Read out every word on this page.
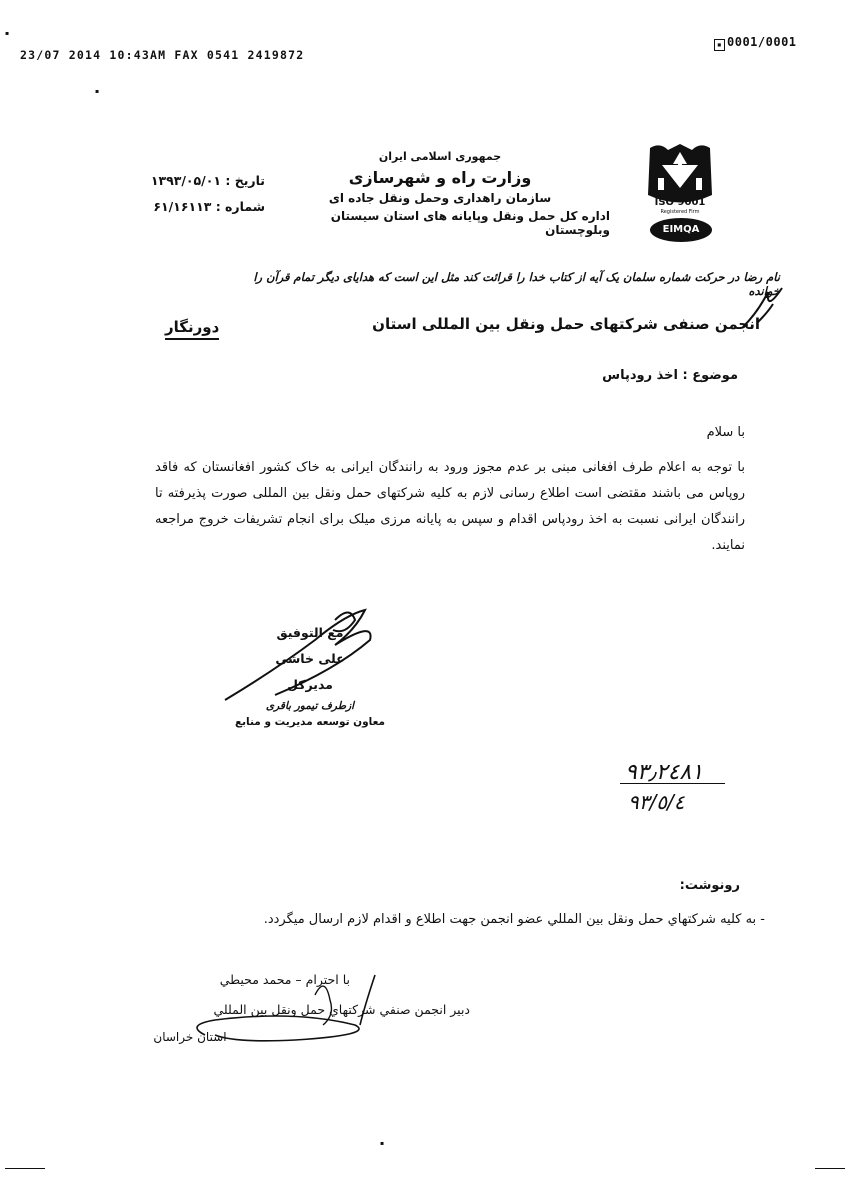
23/07 2014 10:43AM FAX 0541 2419872
▪ 0001/0001
ISO 9001
Registered Firm
EIMQA
جمهوری اسلامی ایران
وزارت راه و شهرسازی
سازمان راهداری وحمل ونقل جاده ای
اداره کل حمل ونقل وپایانه های استان سیستان وبلوچستان
تاریخ : ۱۳۹۳/۰۵/۰۱
شماره : ۶۱/۱۶۱۱۳
نام رضا در حرکت شماره سلمان یک آیه از کتاب خدا را قرائت کند مثل این است که هدایای دیگر تمام قرآن را خوانده
انجمن صنفی شرکتهای حمل ونقل بین المللی استان
دورنگار
موضوع : اخذ رودپاس
با سلام
با توجه به اعلام طرف افغانی مبنی بر عدم مجوز ورود به رانندگان ایرانی به خاک کشور افغانستان که فاقد روپاس می باشند مقتضی است اطلاع رسانی لازم به کلیه شرکتهای حمل ونقل بین المللی صورت پذیرفته تا رانندگان ایرانی نسبت به اخذ رودپاس اقدام و سپس به پایانه مرزی میلک برای انجام تشریفات خروج مراجعه نمایند.
مع التوفيق
علی خاشی
مدیرکل
ازطرف تیمور باقری
معاون توسعه مدیریت و منابع
٩٣٫٢٤٨١
٩٣/٥/٤
رونوشت:
- به كليه شركتهاي حمل ونقل بين المللي عضو انجمن جهت اطلاع و اقدام لازم ارسال ميگردد.
با احترام – محمد محيطي
دبير انجمن صنفي شركتهاي حمل ونقل بين المللي
استان خراسان
▪
▪
▪
